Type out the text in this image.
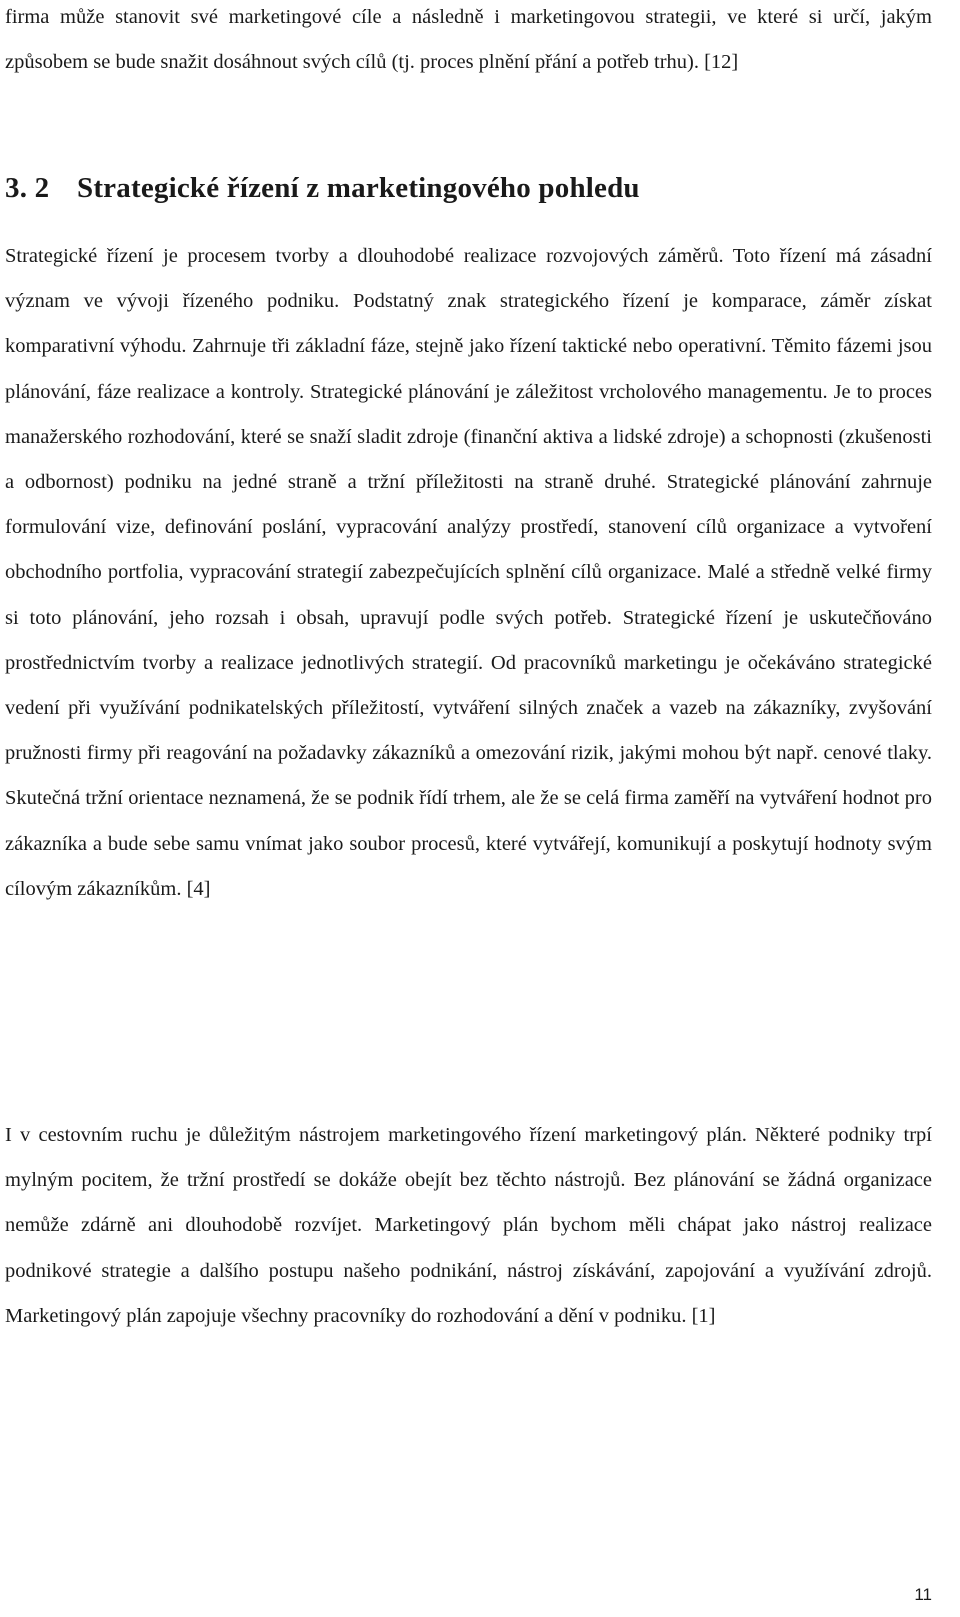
firma může stanovit své marketingové cíle a následně i marketingovou strategii, ve které si určí, jakým způsobem se bude snažit dosáhnout svých cílů (tj. proces plnění přání a potřeb trhu). [12]

3. 2 Strategické řízení z marketingového pohledu

Strategické řízení je procesem tvorby a dlouhodobé realizace rozvojových záměrů. Toto řízení má zásadní význam ve vývoji řízeného podniku. Podstatný znak strategického řízení je komparace, záměr získat komparativní výhodu. Zahrnuje tři základní fáze, stejně jako řízení taktické nebo operativní. Těmito fázemi jsou plánování, fáze realizace a kontroly. Strategické plánování je záležitost vrcholového managementu. Je to proces manažerského rozhodování, které se snaží sladit zdroje (finanční aktiva a lidské zdroje) a schopnosti (zkušenosti a odbornost) podniku na jedné straně a tržní příležitosti na straně druhé. Strategické plánování zahrnuje formulování vize, definování poslání, vypracování analýzy prostředí, stanovení cílů organizace a vytvoření obchodního portfolia, vypracování strategií zabezpečujících splnění cílů organizace. Malé a středně velké firmy si toto plánování, jeho rozsah i obsah, upravují podle svých potřeb. Strategické řízení je uskutečňováno prostřednictvím tvorby a realizace jednotlivých strategií. Od pracovníků marketingu je očekáváno strategické vedení při využívání podnikatelských příležitostí, vytváření silných značek a vazeb na zákazníky, zvyšování pružnosti firmy při reagování na požadavky zákazníků a omezování rizik, jakými mohou být např. cenové tlaky. Skutečná tržní orientace neznamená, že se podnik řídí trhem, ale že se celá firma zaměří na vytváření hodnot pro zákazníka a bude sebe samu vnímat jako soubor procesů, které vytvářejí, komunikují a poskytují hodnoty svým cílovým zákazníkům. [4]

I v cestovním ruchu je důležitým nástrojem marketingového řízení marketingový plán. Některé podniky trpí mylným pocitem, že tržní prostředí se dokáže obejít bez těchto nástrojů. Bez plánování se žádná organizace nemůže zdárně ani dlouhodobě rozvíjet. Marketingový plán bychom měli chápat jako nástroj realizace podnikové strategie a dalšího postupu našeho podnikání, nástroj získávání, zapojování a využívání zdrojů. Marketingový plán zapojuje všechny pracovníky do rozhodování a dění v podniku. [1]

11
